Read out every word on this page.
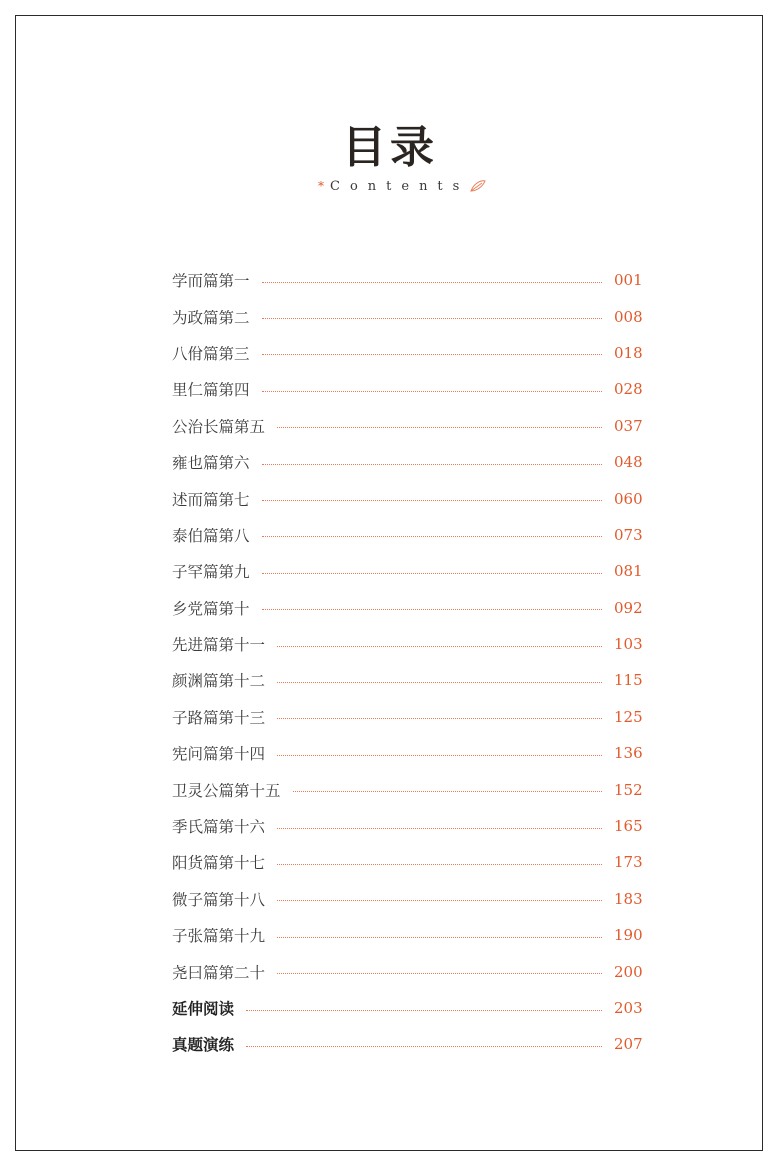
目录
* Contents
学而篇第一	001
为政篇第二	008
八佾篇第三	018
里仁篇第四	028
公治长篇第五	037
雍也篇第六	048
述而篇第七	060
泰伯篇第八	073
子罕篇第九	081
乡党篇第十	092
先进篇第十一	103
颜渊篇第十二	115
子路篇第十三	125
宪问篇第十四	136
卫灵公篇第十五	152
季氏篇第十六	165
阳货篇第十七	173
微子篇第十八	183
子张篇第十九	190
尧曰篇第二十	200
延伸阅读	203
真题演练	207
